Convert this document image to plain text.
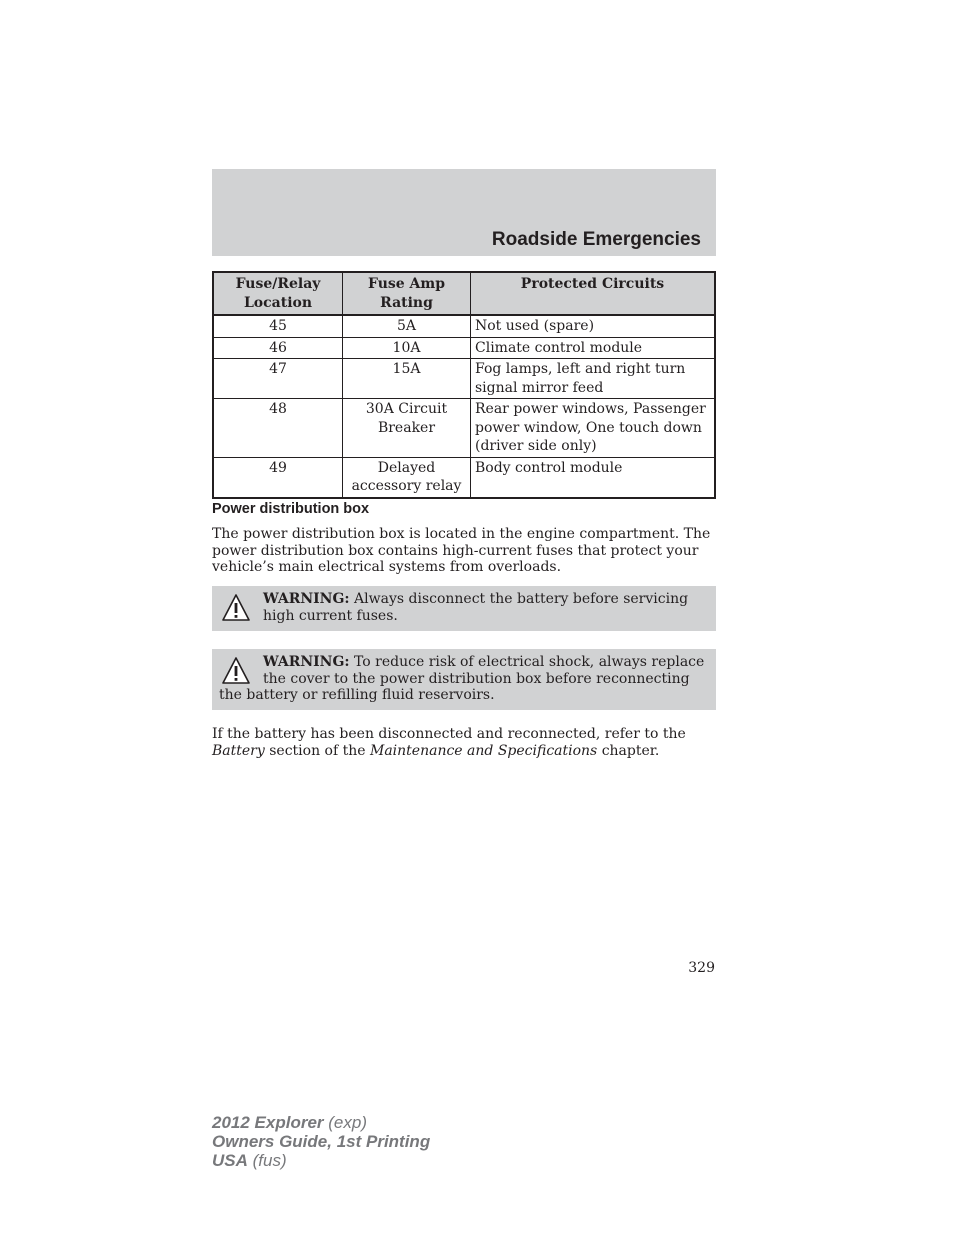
Roadside Emergencies
Fuse/Relay Location	Fuse Amp Rating	Protected Circuits
45	5A	Not used (spare)
46	10A	Climate control module
47	15A	Fog lamps, left and right turn signal mirror feed
48	30A Circuit Breaker	Rear power windows, Passenger power window, One touch down (driver side only)
49	Delayed accessory relay	Body control module
Power distribution box
The power distribution box is located in the engine compartment. The power distribution box contains high-current fuses that protect your vehicle’s main electrical systems from overloads.
WARNING: Always disconnect the battery before servicing high current fuses.
WARNING: To reduce risk of electrical shock, always replace the cover to the power distribution box before reconnecting the battery or refilling fluid reservoirs.
If the battery has been disconnected and reconnected, refer to the Battery section of the Maintenance and Specifications chapter.
329
2012 Explorer (exp)
Owners Guide, 1st Printing
USA (fus)
